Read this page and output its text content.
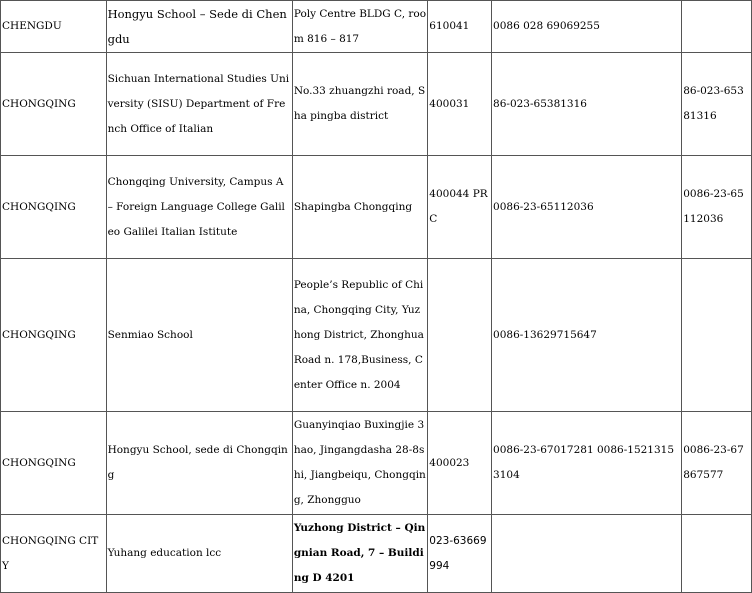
CHENGDU	Hongyu School – Sede di Chengdu	Poly Centre BLDG C, room 816 – 817	610041	0086 028 69069255	
CHONGQING	Sichuan International Studies University (SISU) Department of French Office of Italian	No.33 zhuangzhi road, Sha pingba district	400031	86-023-65381316	86-023-65381316
CHONGQING	Chongqing University, Campus A – Foreign Language College Galileo Galilei Italian Istitute	Shapingba Chongqing	400044 PRC	0086-23-65112036	0086-23-65112036
CHONGQING	Senmiao School	People’s Republic of China, Chongqing City, Yuzhong District, Zhonghua Road n. 178,Business, Center Office n. 2004		0086-13629715647	
CHONGQING	Hongyu School, sede di Chongqing	Guanyinqiao Buxingjie 3hao, Jingangdasha 28-8shi, Jiangbeiqu, Chongqing, Zhongguo	400023	0086-23-67017281 0086-15213153104	0086-23-67867577
CHONGQING CITY	Yuhang education lcc	Yuzhong District – Qingnian Road, 7 – Building D 4201	023-63669994		
